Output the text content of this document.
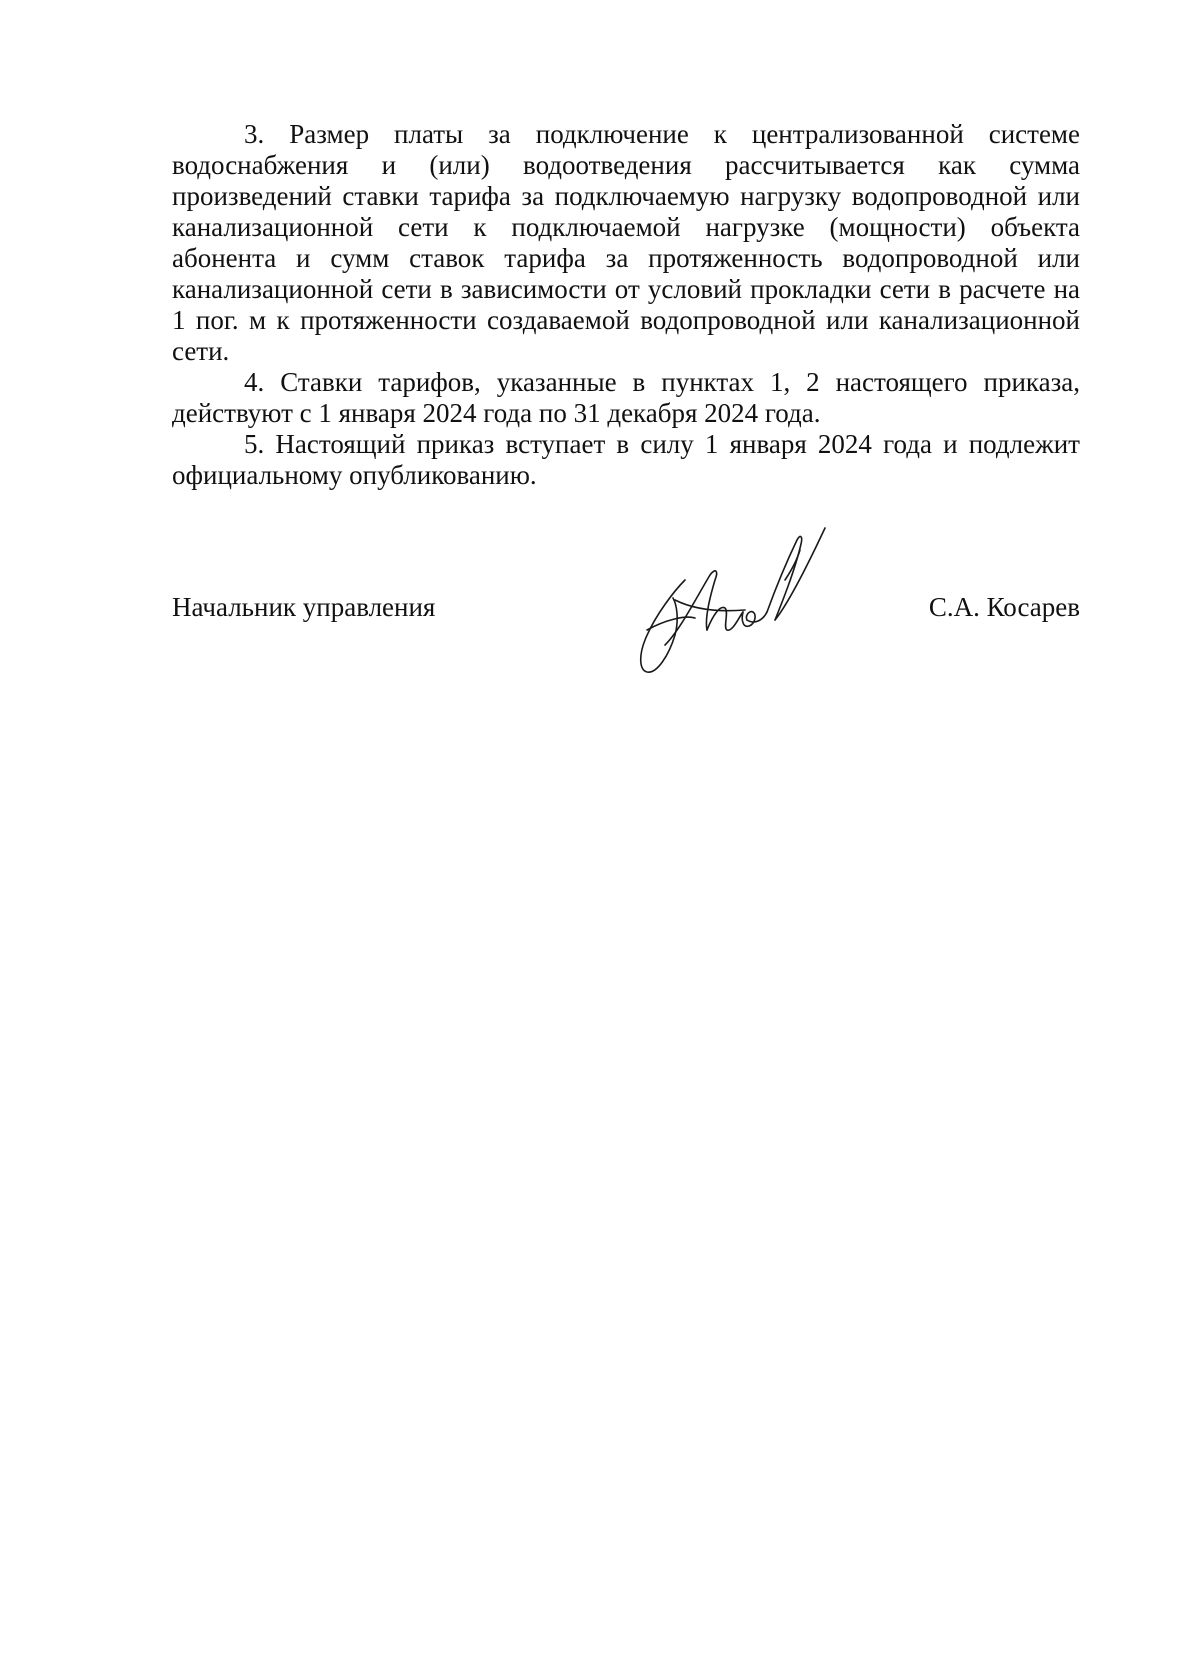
3. Размер платы за подключение к централизованной системе водоснабжения и (или) водоотведения рассчитывается как сумма произведений ставки тарифа за подключаемую нагрузку водопроводной или канализационной сети к подключаемой нагрузке (мощности) объекта абонента и сумм ставок тарифа за протяженность водопроводной или канализационной сети в зависимости от условий прокладки сети в расчете на 1 пог. м к протяженности создаваемой водопроводной или канализационной сети.

4. Ставки тарифов, указанные в пунктах 1, 2 настоящего приказа, действуют с 1 января 2024 года по 31 декабря 2024 года.

5. Настоящий приказ вступает в силу 1 января 2024 года и подлежит официальному опубликованию.

Начальник управления	С.А. Косарев
